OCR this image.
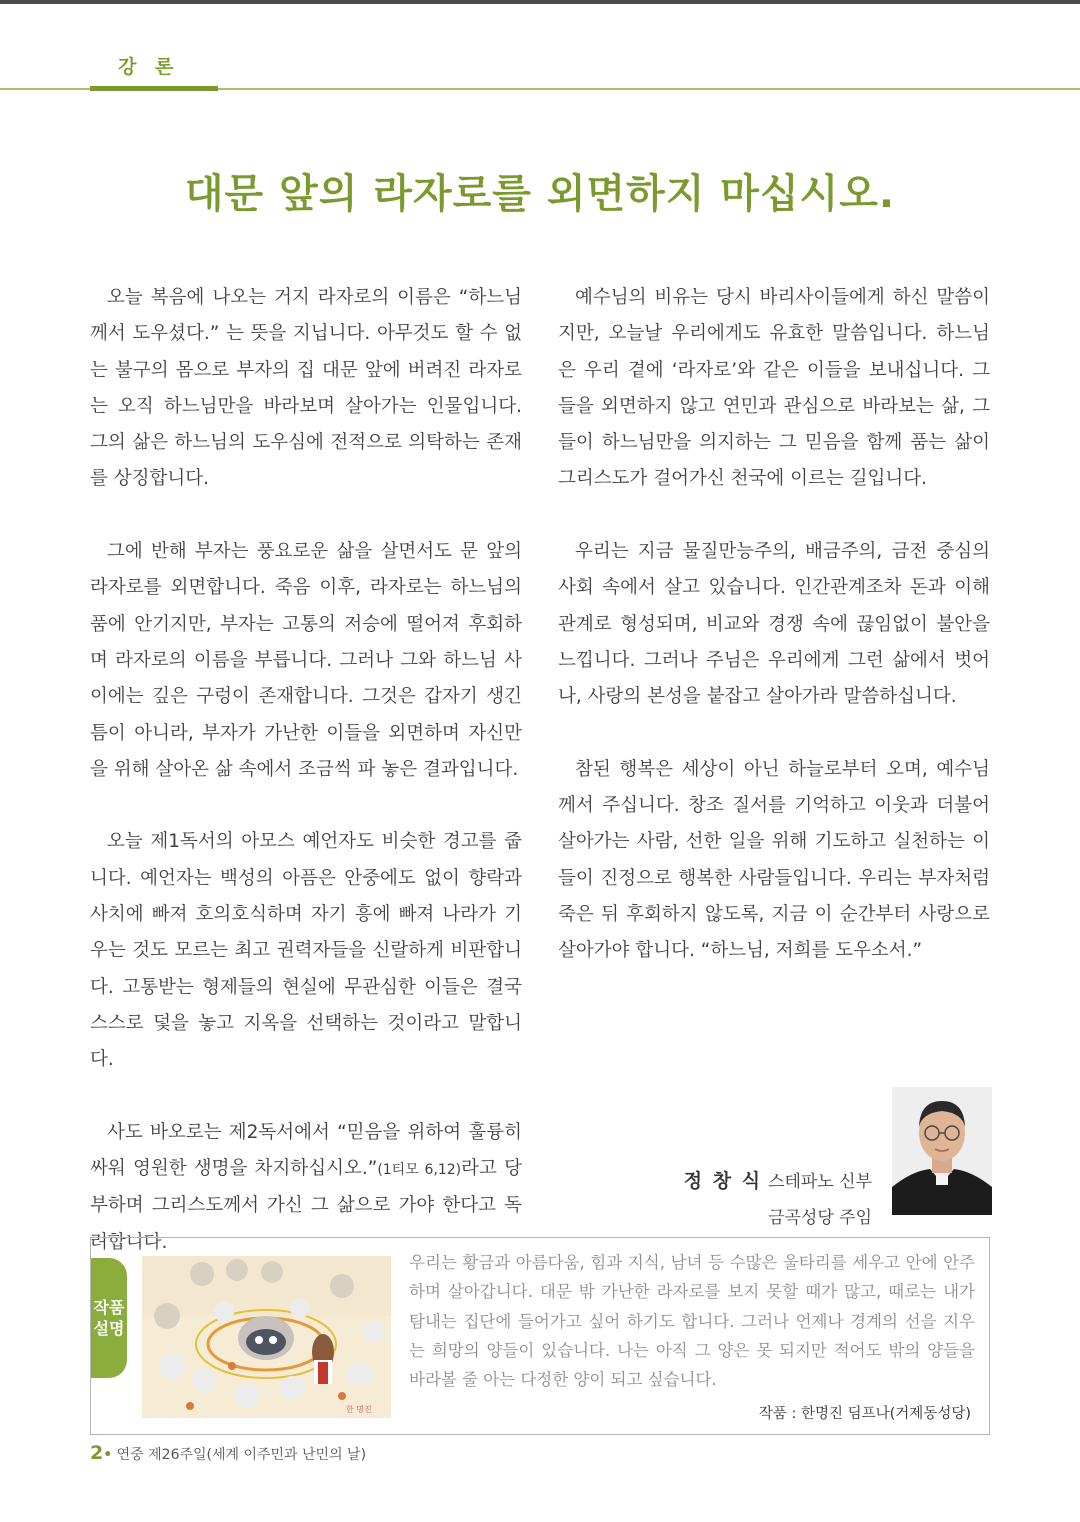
강 론
대문 앞의 라자로를 외면하지 마십시오.

오늘 복음에 나오는 거지 라자로의 이름은 “하느님께서 도우셨다.” 는 뜻을 지닙니다. 아무것도 할 수 없는 불구의 몸으로 부자의 집 대문 앞에 버려진 라자로는 오직 하느님만을 바라보며 살아가는 인물입니다. 그의 삶은 하느님의 도우심에 전적으로 의탁하는 존재를 상징합니다.

그에 반해 부자는 풍요로운 삶을 살면서도 문 앞의 라자로를 외면합니다. 죽음 이후, 라자로는 하느님의 품에 안기지만, 부자는 고통의 저승에 떨어져 후회하며 라자로의 이름을 부릅니다. 그러나 그와 하느님 사이에는 깊은 구렁이 존재합니다. 그것은 갑자기 생긴 틈이 아니라, 부자가 가난한 이들을 외면하며 자신만을 위해 살아온 삶 속에서 조금씩 파 놓은 결과입니다.

오늘 제1독서의 아모스 예언자도 비슷한 경고를 줍니다. 예언자는 백성의 아픔은 안중에도 없이 향락과 사치에 빠져 호의호식하며 자기 흥에 빠져 나라가 기우는 것도 모르는 최고 권력자들을 신랄하게 비판합니다. 고통받는 형제들의 현실에 무관심한 이들은 결국 스스로 덫을 놓고 지옥을 선택하는 것이라고 말합니다.

사도 바오로는 제2독서에서 “믿음을 위하여 훌륭히 싸워 영원한 생명을 차지하십시오.”(1티모 6,12)라고 당부하며 그리스도께서 가신 그 삶으로 가야 한다고 독려합니다.

예수님의 비유는 당시 바리사이들에게 하신 말씀이지만, 오늘날 우리에게도 유효한 말씀입니다. 하느님은 우리 곁에 ‘라자로’와 같은 이들을 보내십니다. 그들을 외면하지 않고 연민과 관심으로 바라보는 삶, 그들이 하느님만을 의지하는 그 믿음을 함께 품는 삶이 그리스도가 걸어가신 천국에 이르는 길입니다.

우리는 지금 물질만능주의, 배금주의, 금전 중심의 사회 속에서 살고 있습니다. 인간관계조차 돈과 이해관계로 형성되며, 비교와 경쟁 속에 끊임없이 불안을 느낍니다. 그러나 주님은 우리에게 그런 삶에서 벗어나, 사랑의 본성을 붙잡고 살아가라 말씀하십니다.

참된 행복은 세상이 아닌 하늘로부터 오며, 예수님께서 주십니다. 창조 질서를 기억하고 이웃과 더불어 살아가는 사람, 선한 일을 위해 기도하고 실천하는 이들이 진정으로 행복한 사람들입니다. 우리는 부자처럼 죽은 뒤 후회하지 않도록, 지금 이 순간부터 사랑으로 살아가야 합니다. “하느님, 저희를 도우소서.”

정 창 식 스테파노 신부
금곡성당 주임
작품
설명
한 명진
우리는 황금과 아름다움, 힘과 지식, 남녀 등 수많은 울타리를 세우고 안에 안주하며 살아갑니다. 대문 밖 가난한 라자로를 보지 못할 때가 많고, 때로는 내가 탐내는 집단에 들어가고 싶어 하기도 합니다. 그러나 언제나 경계의 선을 지우는 희망의 양들이 있습니다. 나는 아직 그 양은 못 되지만 적어도 밖의 양들을 바라볼 줄 아는 다정한 양이 되고 싶습니다.
작품 : 한명진 딤프나(거제동성당)
2• 연중 제26주일(세계 이주민과 난민의 날)
